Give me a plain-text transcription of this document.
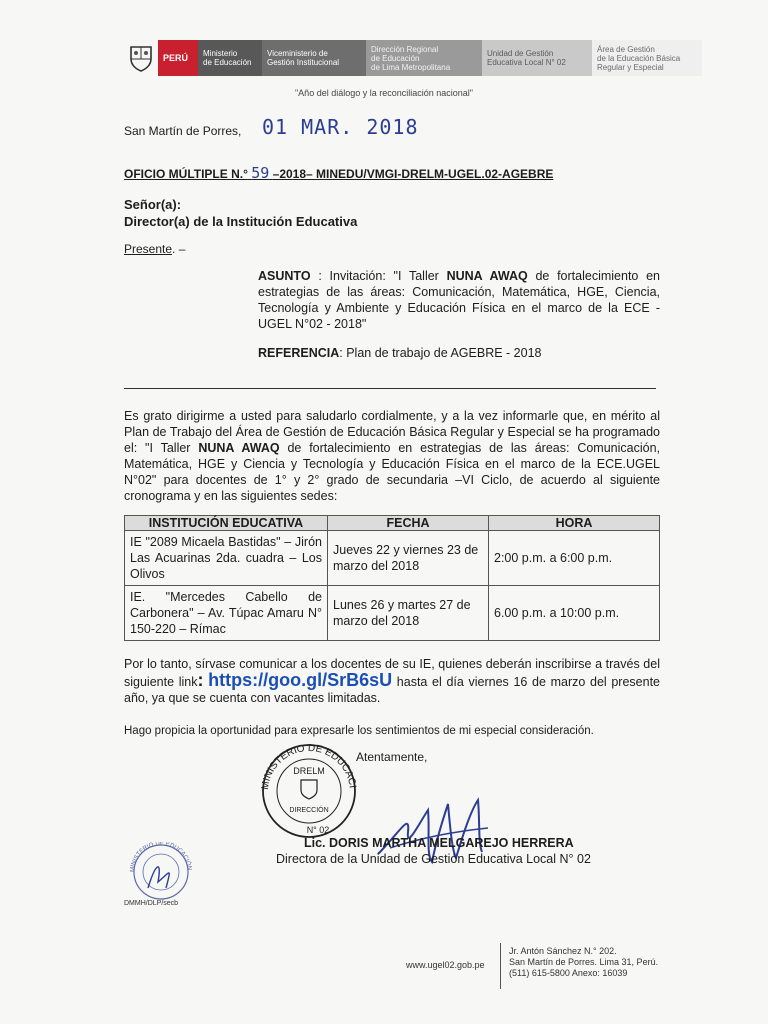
PERÚ Ministerio
de Educación
Viceministerio de
Gestión Institucional
Dirección Regional
de Educación
de Lima Metropolitana
Unidad de Gestión
Educativa Local N° 02
Área de Gestión
de la Educación Básica
Regular y Especial
"Año del diálogo y la reconciliación nacional"
San Martín de Porres, 01 MAR. 2018
OFICIO MÚLTIPLE N.° 59 –2018– MINEDU/VMGI-DRELM-UGEL.02-AGEBRE
Señor(a):
Director(a) de la Institución Educativa
Presente. –
ASUNTO : Invitación: "I Taller NUNA AWAQ de fortalecimiento en estrategias de las áreas: Comunicación, Matemática, HGE, Ciencia, Tecnología y Ambiente y Educación Física en el marco de la ECE -UGEL N°02 - 2018"
REFERENCIA: Plan de trabajo de AGEBRE - 2018
Es grato dirigirme a usted para saludarlo cordialmente, y a la vez informarle que, en mérito al Plan de Trabajo del Área de Gestión de Educación Básica Regular y Especial se ha programado el: "I Taller NUNA AWAQ de fortalecimiento en estrategias de las áreas: Comunicación, Matemática, HGE y Ciencia y Tecnología y Educación Física en el marco de la ECE.UGEL N°02" para docentes de 1° y 2° grado de secundaria –VI Ciclo, de acuerdo al siguiente cronograma y en las siguientes sedes:
INSTITUCIÓN EDUCATIVA	FECHA	HORA
IE "2089 Micaela Bastidas" – Jirón Las Acuarinas 2da. cuadra – Los Olivos	Jueves 22 y viernes 23 de marzo del 2018	2:00 p.m. a 6:00 p.m.
IE. "Mercedes Cabello de Carbonera" – Av. Túpac Amaru N° 150-220 – Rímac	Lunes 26 y martes 27 de marzo del 2018	6.00 p.m. a 10:00 p.m.
Por lo tanto, sírvase comunicar a los docentes de su IE, quienes deberán inscribirse a través del siguiente link: https://goo.gl/SrB6sU hasta el día viernes 16 de marzo del presente año, ya que se cuenta con vacantes limitadas.
Hago propicia la oportunidad para expresarle los sentimientos de mi especial consideración.
Atentamente,
MINISTERIO DE EDUCACI
DRELM
DIRECCIÓN
N° 02
Lic. DORIS MARTHA MELGAREJO HERRERA
Directora de la Unidad de Gestión Educativa Local N° 02
MINISTERIO DE EDUCACIÓN
DMMH/DLP/secb
www.ugel02.gob.pe
Jr. Antón Sánchez N.° 202.
San Martín de Porres. Lima 31, Perú.
(511) 615-5800 Anexo: 16039
